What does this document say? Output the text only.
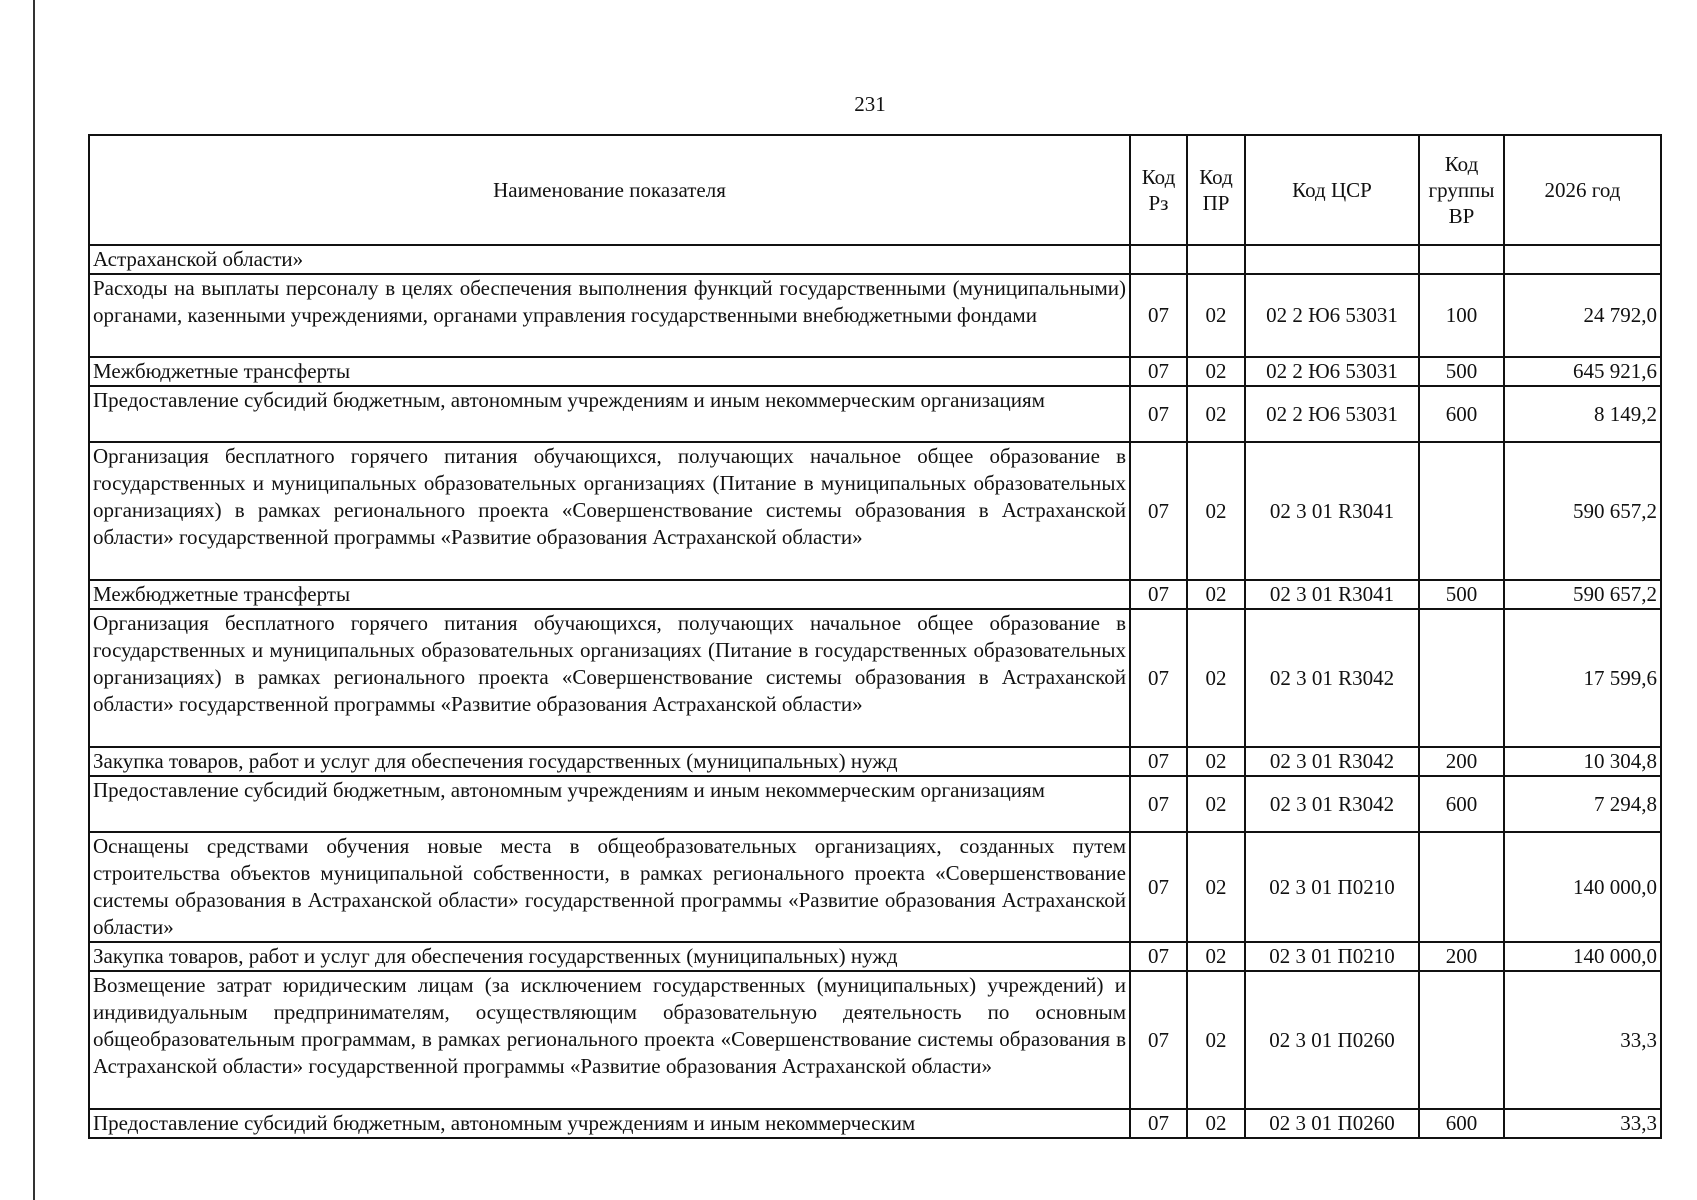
231
Наименование показателя	Код Рз	Код ПР	Код ЦСР	Код группы ВР	2026 год
Астраханской области»					
Расходы на выплаты персоналу в целях обеспечения выполнения функций государственными (муниципальными) органами, казенными учреждениями, органами управления государственными внебюджетными фондами	07	02	02 2 Ю6 53031	100	24 792,0
Межбюджетные трансферты	07	02	02 2 Ю6 53031	500	645 921,6
Предоставление субсидий бюджетным, автономным учреждениям и иным некоммерческим организациям	07	02	02 2 Ю6 53031	600	8 149,2
Организация бесплатного горячего питания обучающихся, получающих начальное общее образование в государственных и муниципальных образовательных организациях (Питание в муниципальных образовательных организациях) в рамках регионального проекта «Совершенствование системы образования в Астраханской области» государственной программы «Развитие образования Астраханской области»	07	02	02 3 01 R3041		590 657,2
Межбюджетные трансферты	07	02	02 3 01 R3041	500	590 657,2
Организация бесплатного горячего питания обучающихся, получающих начальное общее образование в государственных и муниципальных образовательных организациях (Питание в государственных образовательных организациях) в рамках регионального проекта «Совершенствование системы образования в Астраханской области» государственной программы «Развитие образования Астраханской области»	07	02	02 3 01 R3042		17 599,6
Закупка товаров, работ и услуг для обеспечения государственных (муниципальных) нужд	07	02	02 3 01 R3042	200	10 304,8
Предоставление субсидий бюджетным, автономным учреждениям и иным некоммерческим организациям	07	02	02 3 01 R3042	600	7 294,8
Оснащены средствами обучения новые места в общеобразовательных организациях, созданных путем строительства объектов муниципальной собственности, в рамках регионального проекта «Совершенствование системы образования в Астраханской области» государственной программы «Развитие образования Астраханской области»	07	02	02 3 01 П0210		140 000,0
Закупка товаров, работ и услуг для обеспечения государственных (муниципальных) нужд	07	02	02 3 01 П0210	200	140 000,0
Возмещение затрат юридическим лицам (за исключением государственных (муниципальных) учреждений) и индивидуальным предпринимателям, осуществляющим образовательную деятельность по основным общеобразовательным программам, в рамках регионального проекта «Совершенствование системы образования в Астраханской области» государственной программы «Развитие образования Астраханской области»	07	02	02 3 01 П0260		33,3
Предоставление субсидий бюджетным, автономным учреждениям и иным некоммерческим	07	02	02 3 01 П0260	600	33,3
